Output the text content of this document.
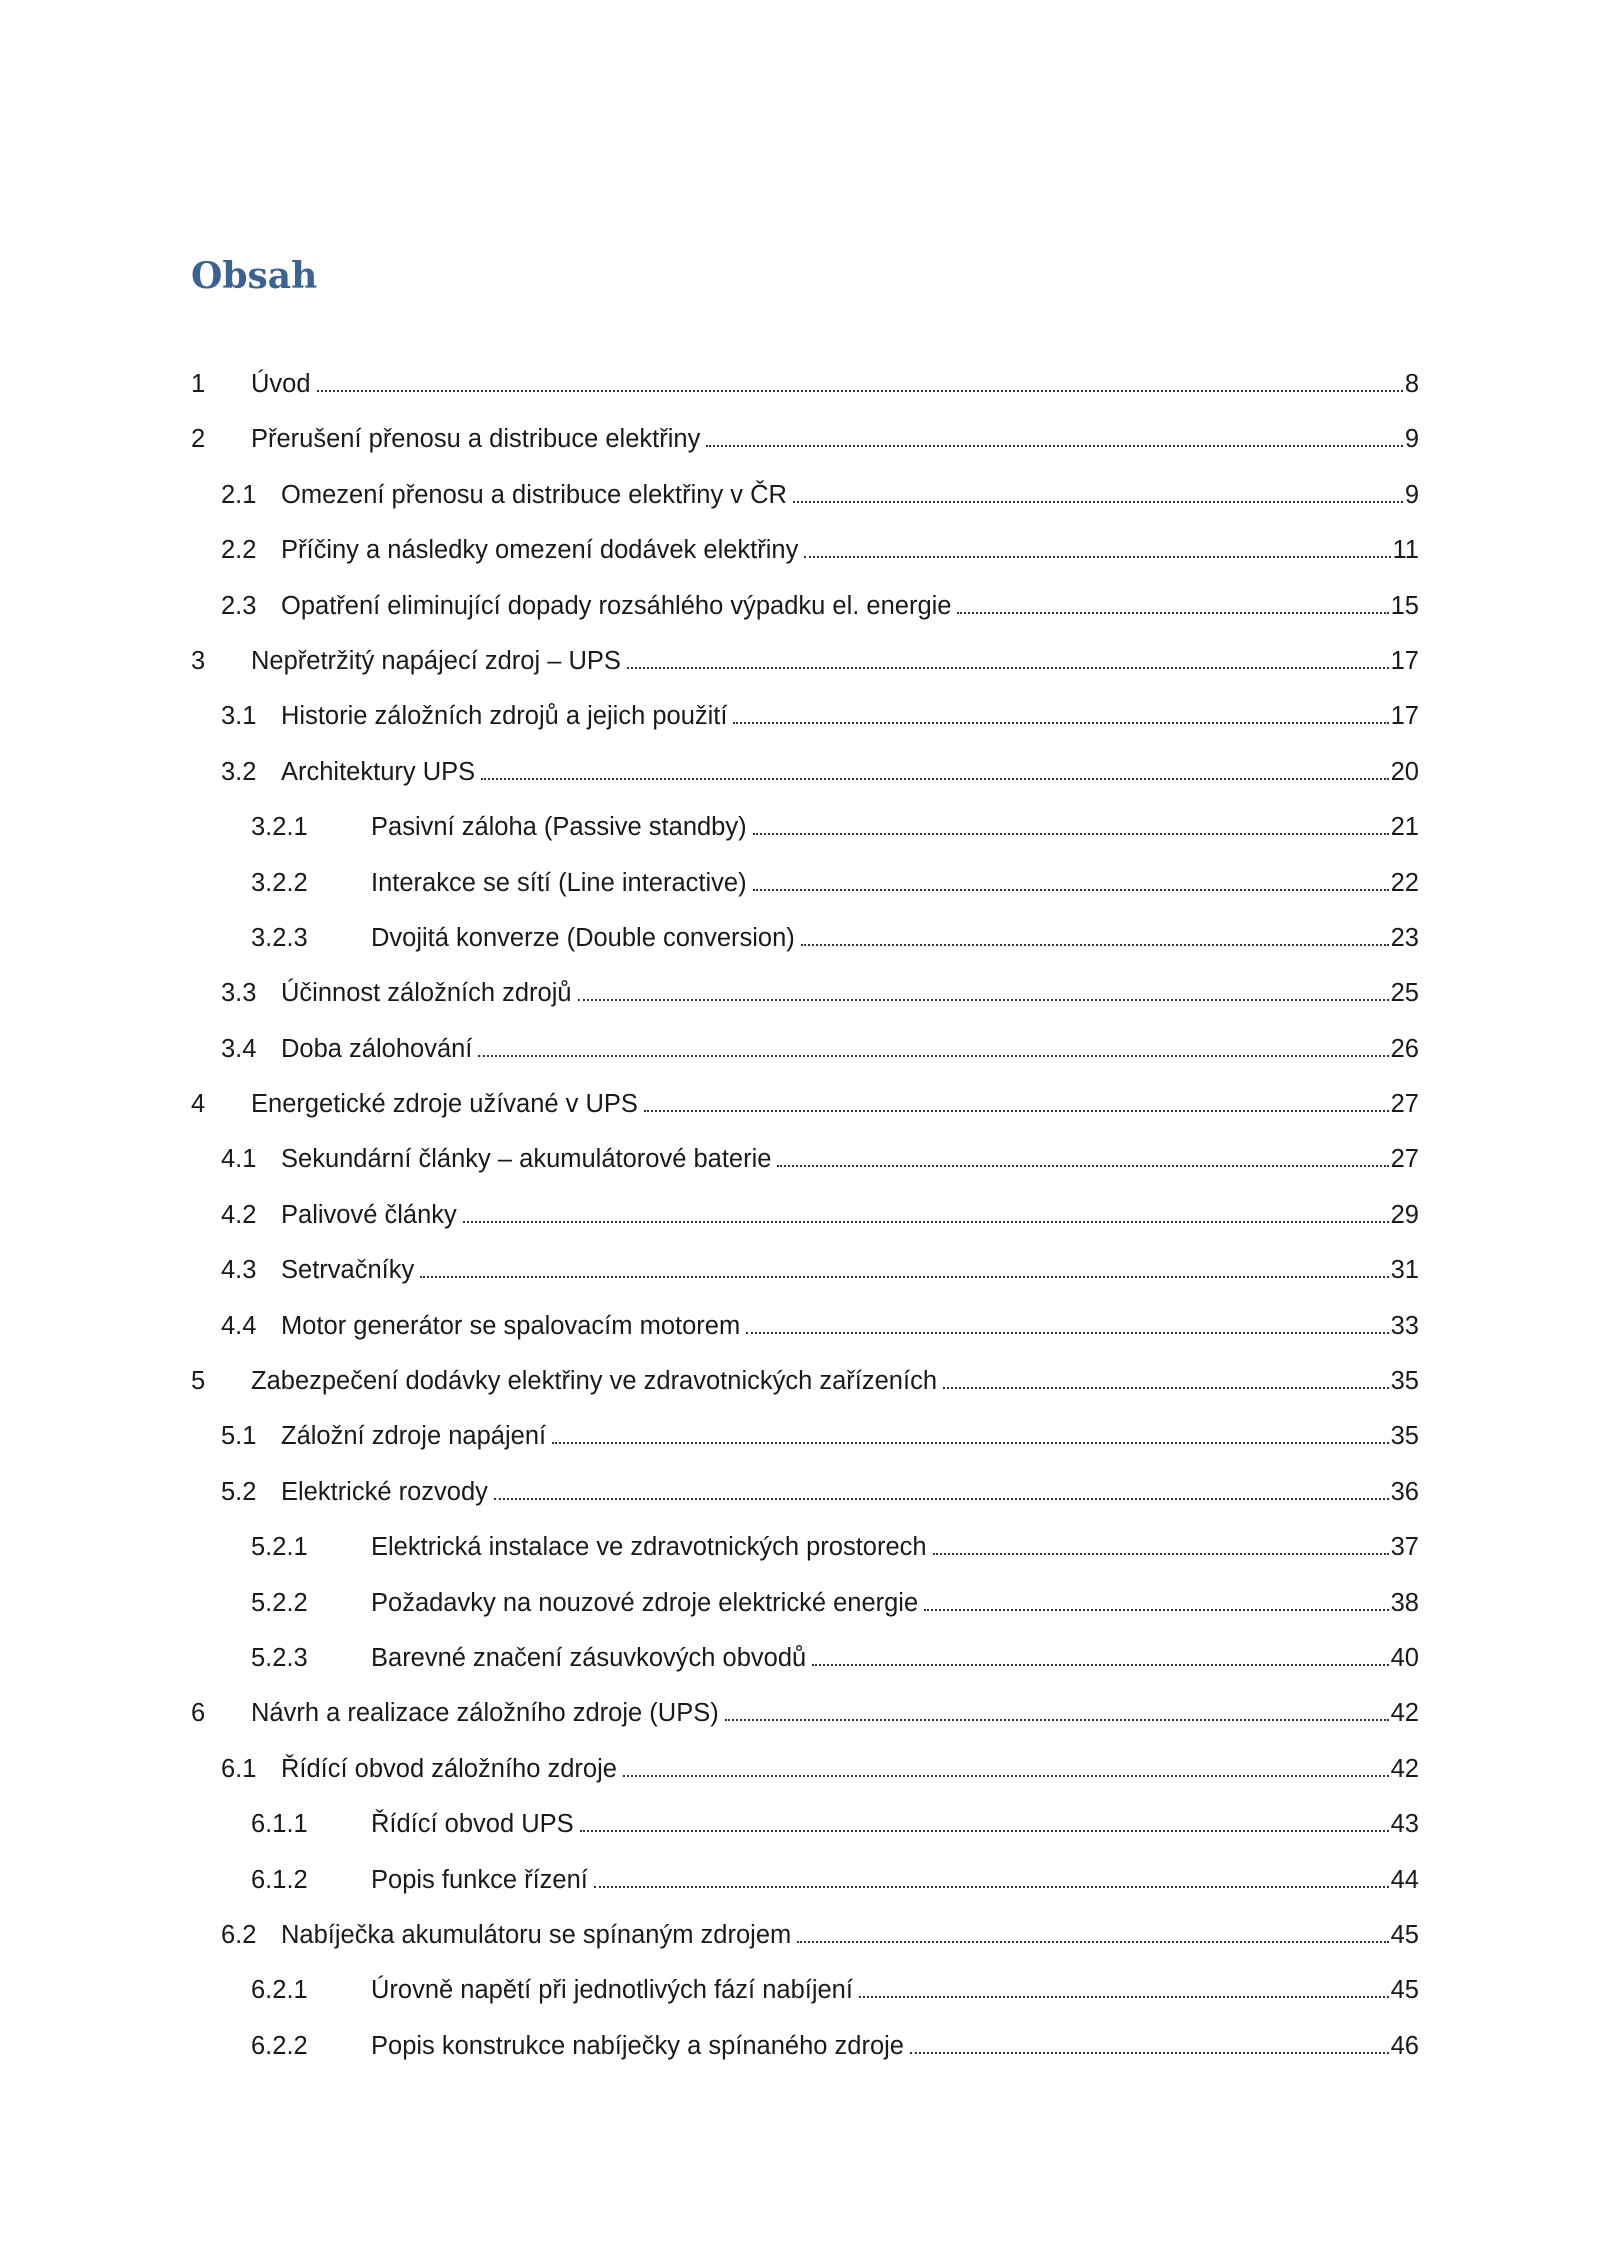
Obsah
1	Úvod	8
2	Přerušení přenosu a distribuce elektřiny	9
2.1 Omezení přenosu a distribuce elektřiny v ČR	9
2.2 Příčiny a následky omezení dodávek elektřiny	11
2.3 Opatření eliminující dopady rozsáhlého výpadku el. energie	15
3	Nepřetržitý napájecí zdroj – UPS	17
3.1 Historie záložních zdrojů a jejich použití	17
3.2 Architektury UPS	20
3.2.1	Pasivní záloha (Passive standby)	21
3.2.2	Interakce se sítí (Line interactive)	22
3.2.3	Dvojitá konverze (Double conversion)	23
3.3 Účinnost záložních zdrojů	25
3.4 Doba zálohování	26
4	Energetické zdroje užívané v UPS	27
4.1 Sekundární články – akumulátorové baterie	27
4.2 Palivové články	29
4.3 Setrvačníky	31
4.4 Motor generátor se spalovacím motorem	33
5	Zabezpečení dodávky elektřiny ve zdravotnických zařízeních	35
5.1 Záložní zdroje napájení	35
5.2 Elektrické rozvody	36
5.2.1	Elektrická instalace ve zdravotnických prostorech	37
5.2.2	Požadavky na nouzové zdroje elektrické energie	38
5.2.3	Barevné značení zásuvkových obvodů	40
6	Návrh a realizace záložního zdroje (UPS)	42
6.1 Řídící obvod záložního zdroje	42
6.1.1	Řídící obvod UPS	43
6.1.2	Popis funkce řízení	44
6.2 Nabíječka akumulátoru se spínaným zdrojem	45
6.2.1	Úrovně napětí při jednotlivých fází nabíjení	45
6.2.2	Popis konstrukce nabíječky a spínaného zdroje	46
